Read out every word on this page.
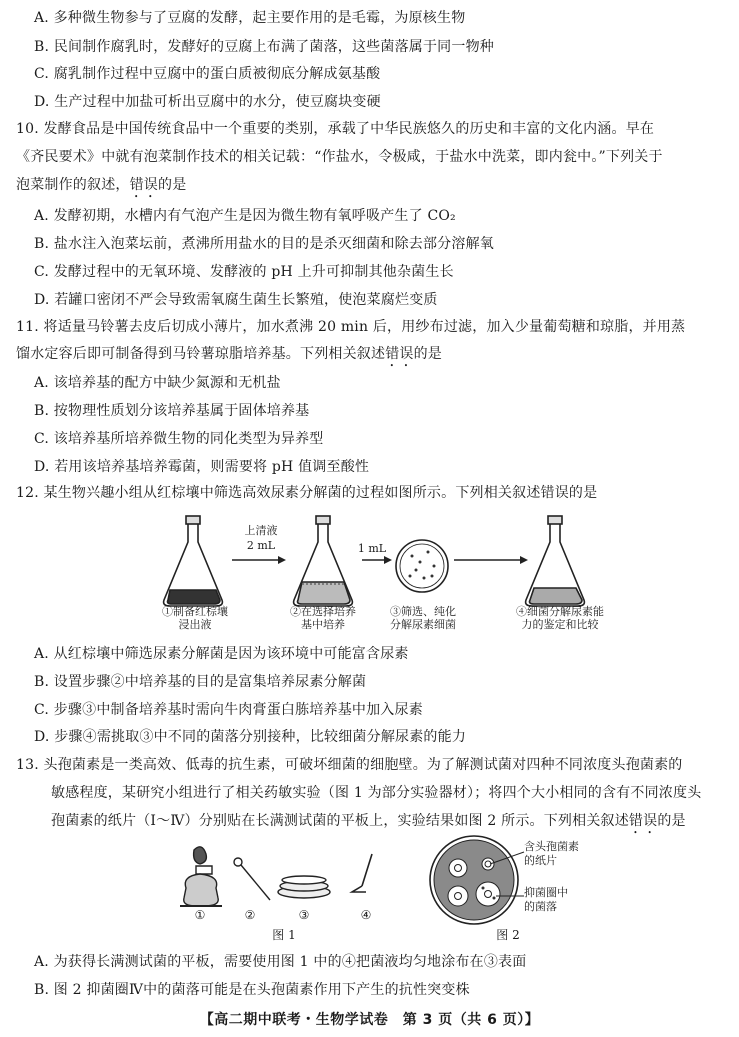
A. 多种微生物参与了豆腐的发酵，起主要作用的是毛霉，为原核生物
B. 民间制作腐乳时，发酵好的豆腐上布满了菌落，这些菌落属于同一物种
C. 腐乳制作过程中豆腐中的蛋白质被彻底分解成氨基酸
D. 生产过程中加盐可析出豆腐中的水分，使豆腐块变硬
10. 发酵食品是中国传统食品中一个重要的类别，承载了中华民族悠久的历史和丰富的文化内涵。早在
《齐民要术》中就有泡菜制作技术的相关记载：“作盐水，令极咸，于盐水中洗菜，即内瓮中。”下列关于
泡菜制作的叙述，错误的是
A. 发酵初期，水槽内有气泡产生是因为微生物有氧呼吸产生了 CO₂
B. 盐水注入泡菜坛前，煮沸所用盐水的目的是杀灭细菌和除去部分溶解氧
C. 发酵过程中的无氧环境、发酵液的 pH 上升可抑制其他杂菌生长
D. 若罐口密闭不严会导致需氧腐生菌生长繁殖，使泡菜腐烂变质
11. 将适量马铃薯去皮后切成小薄片，加水煮沸 20 min 后，用纱布过滤，加入少量葡萄糖和琼脂，并用蒸
馏水定容后即可制备得到马铃薯琼脂培养基。下列相关叙述错误的是
A. 该培养基的配方中缺少氮源和无机盐
B. 按物理性质划分该培养基属于固体培养基
C. 该培养基所培养微生物的同化类型为异养型
D. 若用该培养基培养霉菌，则需要将 pH 值调至酸性
12. 某生物兴趣小组从红棕壤中筛选高效尿素分解菌的过程如图所示。下列相关叙述错误的是
上清液
2 mL	1 mL
①制备红棕壤
浸出液
②在选择培养
基中培养
③筛选、纯化
分解尿素细菌
④细菌分解尿素能
力的鉴定和比较
A. 从红棕壤中筛选尿素分解菌是因为该环境中可能富含尿素
B. 设置步骤②中培养基的目的是富集培养尿素分解菌
C. 步骤③中制备培养基时需向牛肉膏蛋白胨培养基中加入尿素
D. 步骤④需挑取③中不同的菌落分别接种，比较细菌分解尿素的能力
13. 头孢菌素是一类高效、低毒的抗生素，可破坏细菌的细胞壁。为了解测试菌对四种不同浓度头孢菌素的
敏感程度，某研究小组进行了相关药敏实验（图 1 为部分实验器材）；将四个大小相同的含有不同浓度头
孢菌素的纸片（Ⅰ～Ⅳ）分别贴在长满测试菌的平板上，实验结果如图 2 所示。下列相关叙述错误的是
①	②	③	④
图 1
含头孢菌素
的纸片
抑菌圈中
的菌落
图 2
A. 为获得长满测试菌的平板，需要使用图 1 中的④把菌液均匀地涂布在③表面
B. 图 2 抑菌圈Ⅳ中的菌落可能是在头孢菌素作用下产生的抗性突变株
【高二期中联考・生物学试卷　第 3 页（共 6 页）】
